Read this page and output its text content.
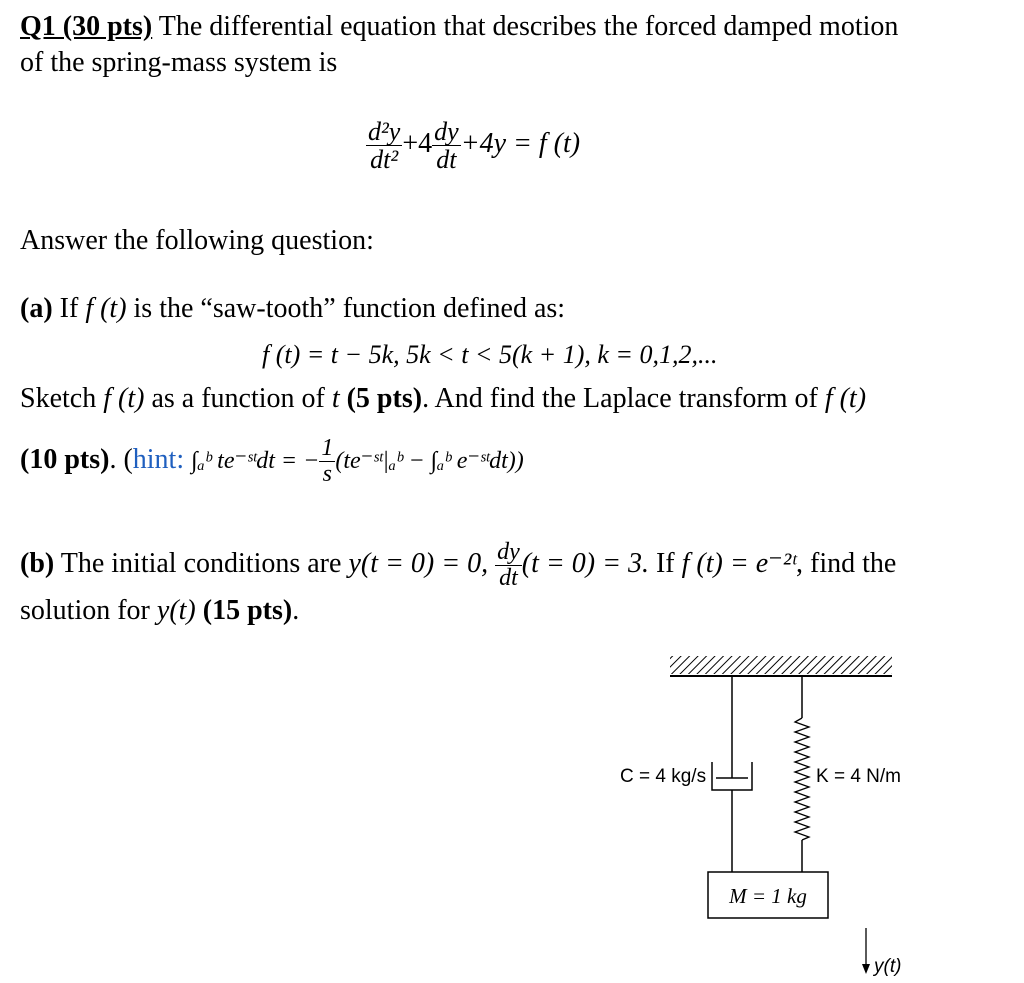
Q1 (30 pts) The differential equation that describes the forced damped motion
of the spring-mass system is
$\frac{\text{d²y}}{\text{dt²}} +4 \frac{dy}{dt} +4y = f$ (t)
Answer the following question:
(a) If f (t) is the “saw-tooth” function defined as:
f (t) = t − 5k, 5k < t < 5(k + 1), k = 0,1,2,...
Sketch f (t) as a function of t (5 pts). And find the Laplace transform of f (t)
(10 pts). (hint: ∫ₐᵇ te⁻ˢᵗdt = − $\frac{1}{s}$ (te⁻ˢᵗ|ₐᵇ − ∫ₐᵇ e⁻ˢᵗdt))
(b) The initial conditions are y(t = 0) = 0, $\frac{dy}{dt} (t = 0) = 3$. If f (t) = e⁻²ᵗ, find the
solution for y(t) (15 pts).
C = 4 kg/s	K = 4 N/m
M = 1 kg
y(t)
